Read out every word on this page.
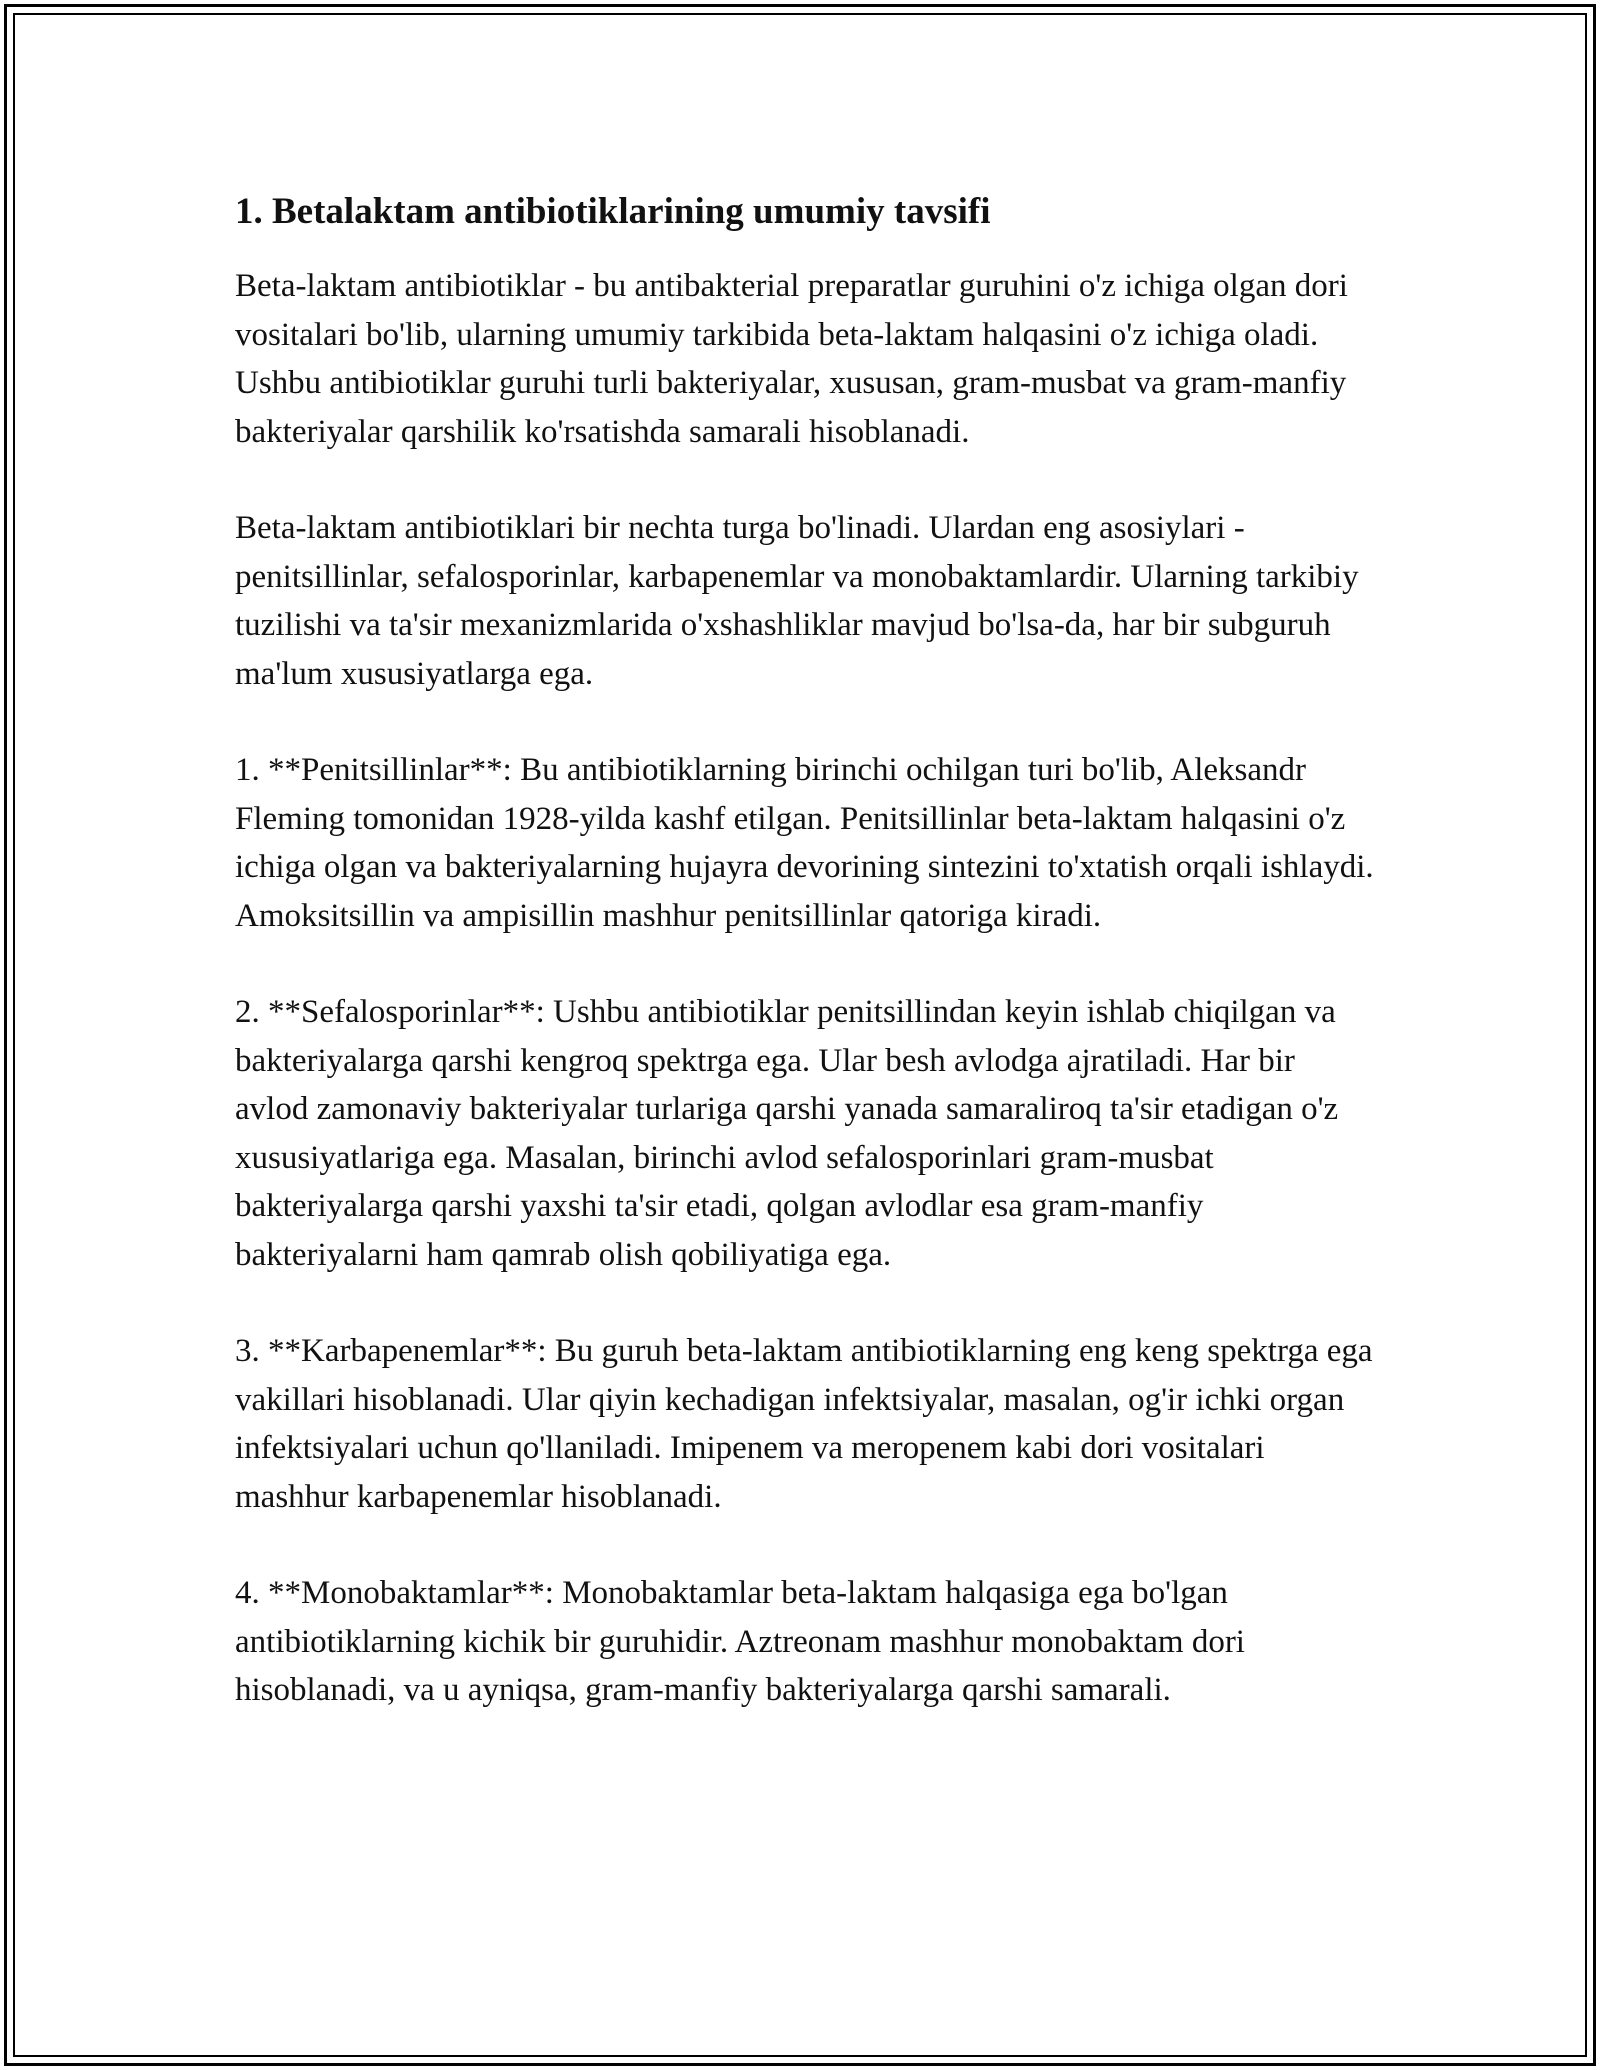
1. Betalaktam antibiotiklarining umumiy tavsifi

Beta-laktam antibiotiklar - bu antibakterial preparatlar guruhini o'z ichiga olgan dori vositalari bo'lib, ularning umumiy tarkibida beta-laktam halqasini o'z ichiga oladi. Ushbu antibiotiklar guruhi turli bakteriyalar, xususan, gram-musbat va gram-manfiy bakteriyalar qarshilik ko'rsatishda samarali hisoblanadi.

Beta-laktam antibiotiklari bir nechta turga bo'linadi. Ulardan eng asosiylari - penitsillinlar, sefalosporinlar, karbapenemlar va monobaktamlardir. Ularning tarkibiy tuzilishi va ta'sir mexanizmlarida o'xshashliklar mavjud bo'lsa-da, har bir subguruh ma'lum xususiyatlarga ega.

1. **Penitsillinlar**: Bu antibiotiklarning birinchi ochilgan turi bo'lib, Aleksandr Fleming tomonidan 1928-yilda kashf etilgan. Penitsillinlar beta-laktam halqasini o'z ichiga olgan va bakteriyalarning hujayra devorining sintezini to'xtatish orqali ishlaydi. Amoksitsillin va ampisillin mashhur penitsillinlar qatoriga kiradi.

2. **Sefalosporinlar**: Ushbu antibiotiklar penitsillindan keyin ishlab chiqilgan va bakteriyalarga qarshi kengroq spektrga ega. Ular besh avlodga ajratiladi. Har bir avlod zamonaviy bakteriyalar turlariga qarshi yanada samaraliroq ta'sir etadigan o'z xususiyatlariga ega. Masalan, birinchi avlod sefalosporinlari gram-musbat bakteriyalarga qarshi yaxshi ta'sir etadi, qolgan avlodlar esa gram-manfiy bakteriyalarni ham qamrab olish qobiliyatiga ega.

3. **Karbapenemlar**: Bu guruh beta-laktam antibiotiklarning eng keng spektrga ega vakillari hisoblanadi. Ular qiyin kechadigan infektsiyalar, masalan, og'ir ichki organ infektsiyalari uchun qo'llaniladi. Imipenem va meropenem kabi dori vositalari mashhur karbapenemlar hisoblanadi.

4. **Monobaktamlar**: Monobaktamlar beta-laktam halqasiga ega bo'lgan antibiotiklarning kichik bir guruhidir. Aztreonam mashhur monobaktam dori hisoblanadi, va u ayniqsa, gram-manfiy bakteriyalarga qarshi samarali.
